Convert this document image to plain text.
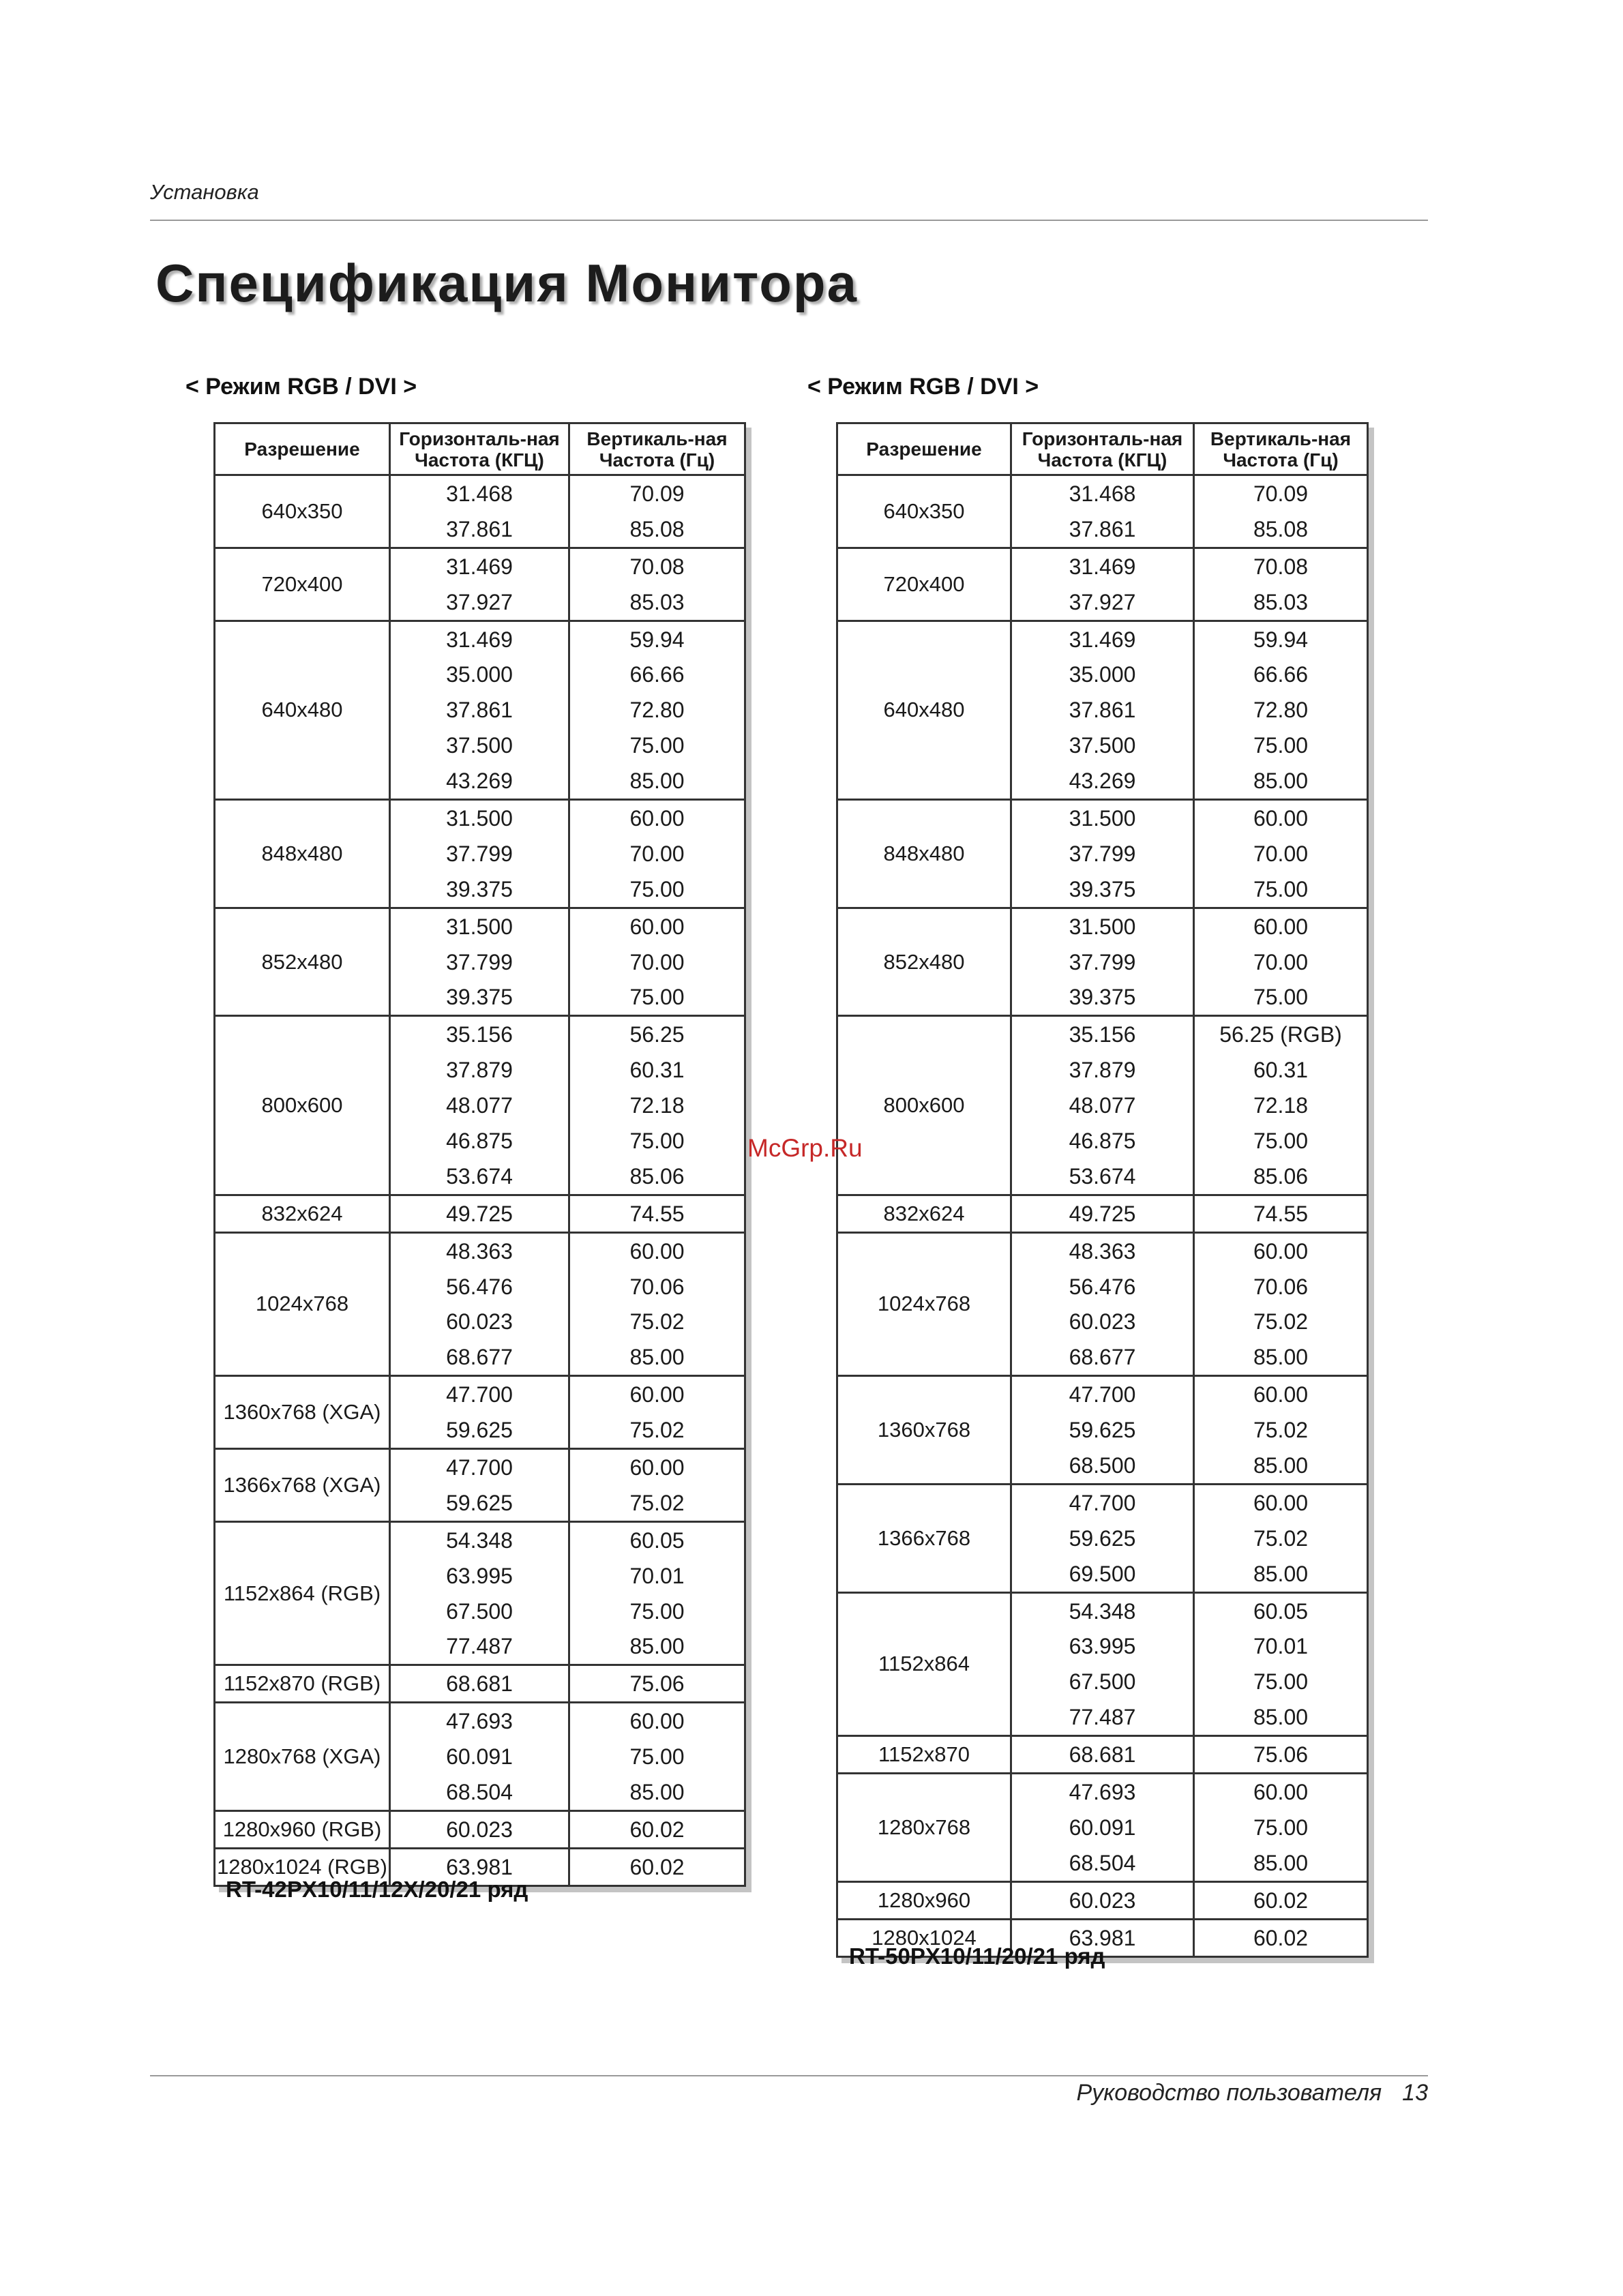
Установка
Спецификация Монитора
< Режим RGB / DVI >
Разрешение	Горизонталь-ная Частота (КГЦ)	Вертикаль-ная Частота (Гц)
640x350	31.468	70.09
	37.861	85.08
720x400	31.469	70.08
	37.927	85.03
640x480	31.469	59.94
	35.000	66.66
	37.861	72.80
	37.500	75.00
	43.269	85.00
848x480	31.500	60.00
	37.799	70.00
	39.375	75.00
852x480	31.500	60.00
	37.799	70.00
	39.375	75.00
800x600	35.156	56.25
	37.879	60.31
	48.077	72.18
	46.875	75.00
	53.674	85.06
832x624	49.725	74.55
1024x768	48.363	60.00
	56.476	70.06
	60.023	75.02
	68.677	85.00
1360x768 (XGA)	47.700	60.00
	59.625	75.02
1366x768 (XGA)	47.700	60.00
	59.625	75.02
1152x864 (RGB)	54.348	60.05
	63.995	70.01
	67.500	75.00
	77.487	85.00
1152x870 (RGB)	68.681	75.06
1280x768 (XGA)	47.693	60.00
	60.091	75.00
	68.504	85.00
1280x960 (RGB)	60.023	60.02
1280x1024 (RGB)	63.981	60.02
RT-42PX10/11/12X/20/21 ряд
< Режим RGB / DVI >
Разрешение	Горизонталь-ная Частота (КГЦ)	Вертикаль-ная Частота (Гц)
640x350	31.468	70.09
	37.861	85.08
720x400	31.469	70.08
	37.927	85.03
640x480	31.469	59.94
	35.000	66.66
	37.861	72.80
	37.500	75.00
	43.269	85.00
848x480	31.500	60.00
	37.799	70.00
	39.375	75.00
852x480	31.500	60.00
	37.799	70.00
	39.375	75.00
800x600	35.156	56.25 (RGB)
	37.879	60.31
	48.077	72.18
	46.875	75.00
	53.674	85.06
832x624	49.725	74.55
1024x768	48.363	60.00
	56.476	70.06
	60.023	75.02
	68.677	85.00
1360x768	47.700	60.00
	59.625	75.02
	68.500	85.00
1366x768	47.700	60.00
	59.625	75.02
	69.500	85.00
1152x864	54.348	60.05
	63.995	70.01
	67.500	75.00
	77.487	85.00
1152x870	68.681	75.06
1280x768	47.693	60.00
	60.091	75.00
	68.504	85.00
1280x960	60.023	60.02
1280x1024	63.981	60.02
RT-50PX10/11/20/21 ряд
McGrp.Ru
Руководство пользователя 13
